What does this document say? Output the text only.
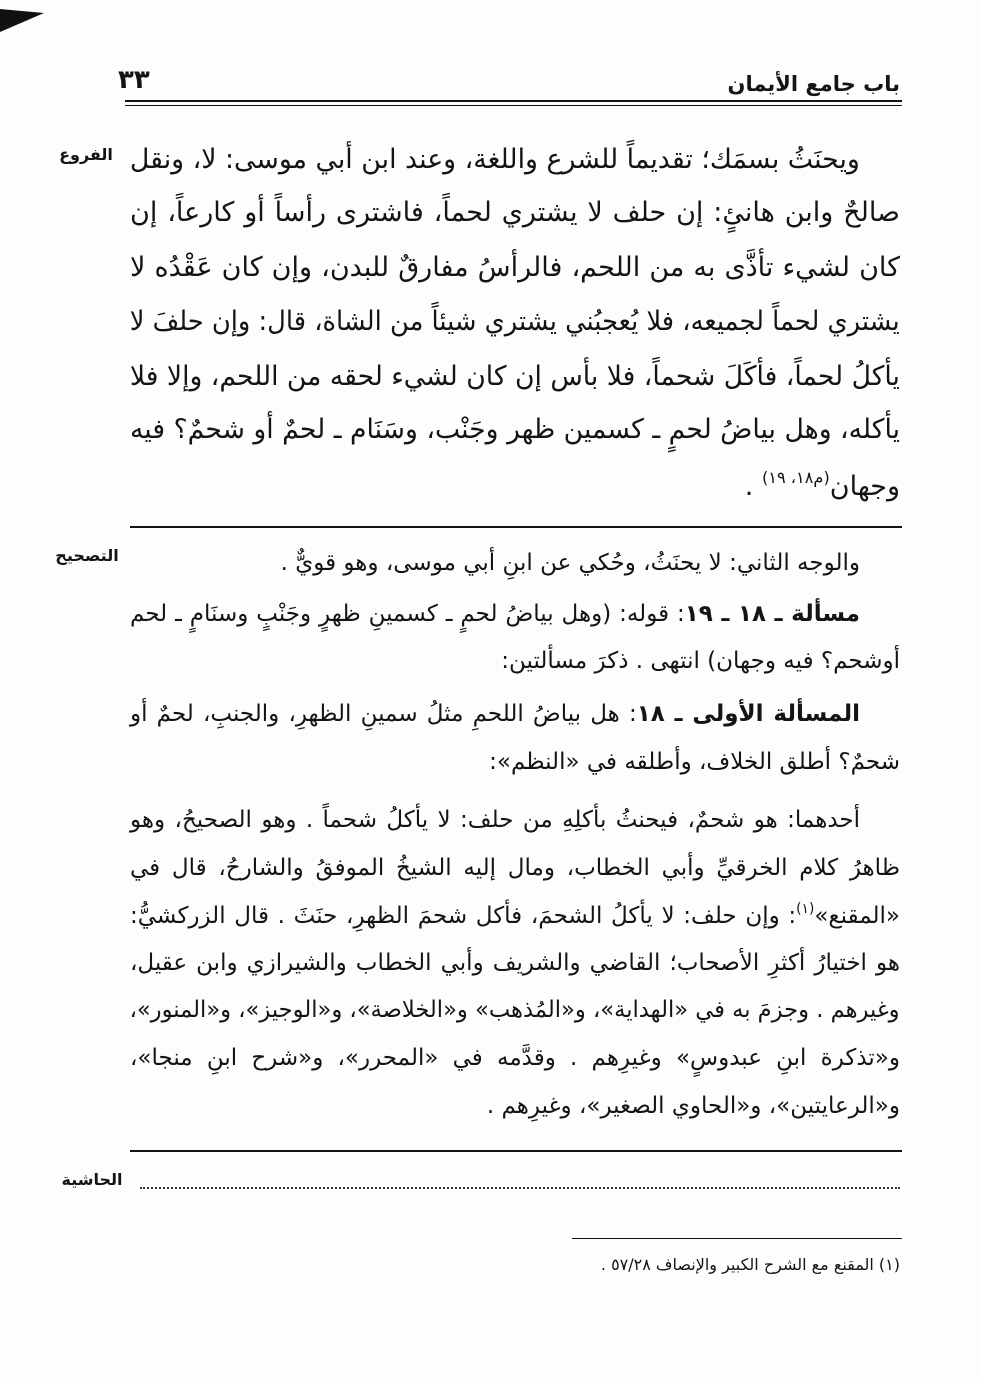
باب جامع الأيمان
٣٣
الفروع ويحنَثُ بسمَك؛ تقديماً للشرع واللغة، وعند ابن أبي موسى: لا، ونقل
صالحٌ وابن هانئٍ: إن حلف لا يشتري لحماً، فاشترى رأساً أو كارعاً، إن
كان لشيء تأذَّى به من اللحم، فالرأسُ مفارقٌ للبدن، وإن كان عَقْدُه لا
يشتري لحماً لجميعه، فلا يُعجبُني يشتري شيئاً من الشاة، قال: وإن حلفَ لا
يأكلُ لحماً، فأكَلَ شحماً، فلا بأس إن كان لشيء لحقه من اللحم، وإلا فلا
يأكله، وهل بياضُ لحمٍ ـ كسمين ظهر وجَنْب، وسَنَام ـ لحمٌ أو شحمٌ؟ فيه
وجهان$^{(م١٨، ١٩)}$ .
التصحيح	والوجه الثاني: لا يحنَثُ، وحُكي عن ابنِ أبي موسى، وهو قويٌّ .
مسألة ـ ١٨ ـ ١٩: قوله: (وهل بياضُ لحمٍ ـ كسمينِ ظهرٍ وجَنْبٍ وسنَامٍ ـ لحم
أوشحم؟ فيه وجهان) انتهى . ذكرَ مسألتين:
المسألة الأولى ـ ١٨: هل بياضُ اللحمِ مثلُ سمينِ الظهرِ، والجنبِ، لحمٌ أو
شحمٌ؟ أطلق الخلاف، وأطلقه في «النظم»:
أحدهما: هو شحمٌ، فيحنثُ بأكلِهِ من حلف: لا يأكلُ شحماً . وهو الصحيحُ، وهو
ظاهرُ كلام الخرقيِّ وأبي الخطاب، ومال إليه الشيخُ الموفقُ والشارحُ، قال في
«المقنع»$^{(١)}$: وإن حلف: لا يأكلُ الشحمَ، فأكل شحمَ الظهرِ، حنَثَ . قال الزركشيُّ:
هو اختيارُ أكثرِ الأصحاب؛ القاضي والشريف وأبي الخطاب والشيرازي وابن عقيل،
وغيرهم . وجزمَ به في «الهداية»، و«المُذهب» و«الخلاصة»، و«الوجيز»، و«المنور»،
و«تذكرة ابنِ عبدوسٍ» وغيرِهم . وقدَّمه في «المحرر»، و«شرح ابنِ منجا»،
و«الرعايتين»، و«الحاوي الصغير»، وغيرِهم .
الحاشية
(١) المقنع مع الشرح الكبير والإنصاف ٥٧/٢٨ .
